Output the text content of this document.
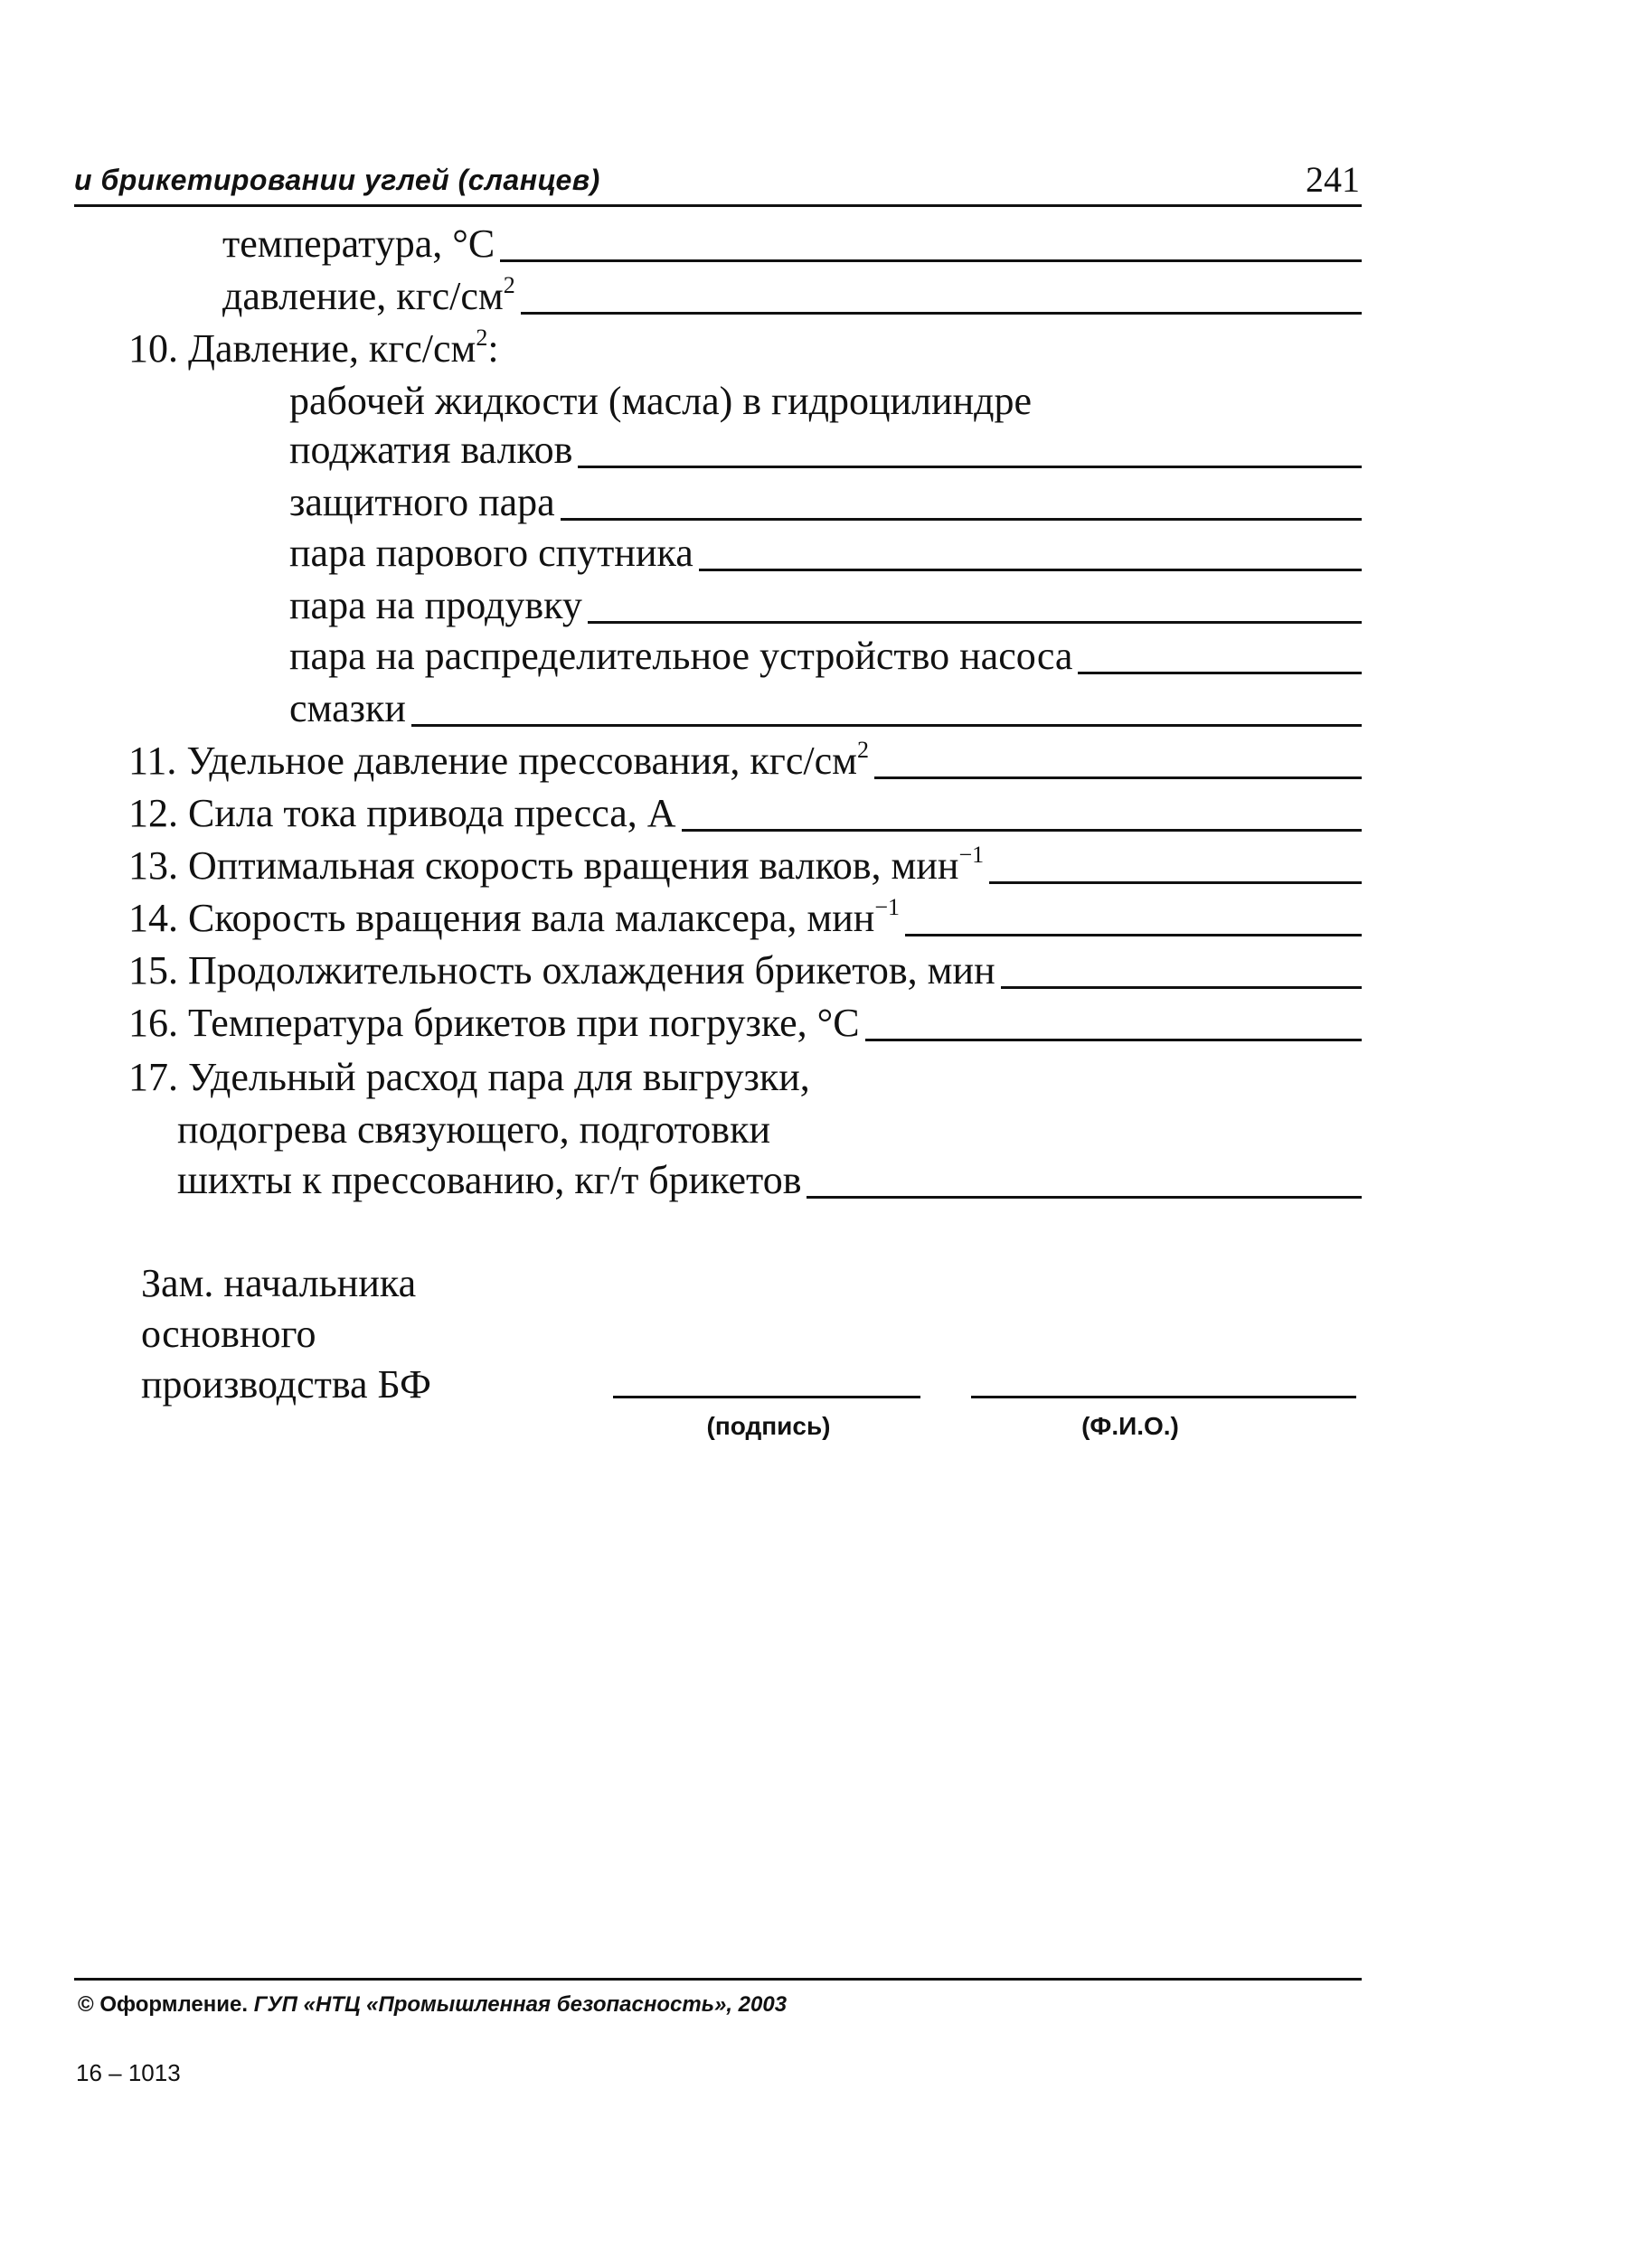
и брикетировании углей (сланцев)	241
температура, °С
давление, кгс/$см^2$
10. Давление, кгс/$см^2$:
рабочей жидкости (масла) в гидроцилиндре
поджатия валков
защитного пара
пара парового спутника
пара на продувку
пара на распределительное устройство насоса
смазки
11. Удельное давление прессования, кгс/$см^2$
12. Сила тока привода пресса, А
13. Оптимальная скорость вращения валков, мин$^{-1}$
14. Скорость вращения вала малаксера, мин$^{-1}$
15. Продолжительность охлаждения брикетов, мин
16. Температура брикетов при погрузке, °С
17. Удельный расход пара для выгрузки,
подогрева связующего, подготовки
шихты к прессованию, кг/т брикетов
Зам. начальника
основного
производства БФ
(подпись)	(Ф.И.О.)
© Оформление. ГУП «НТЦ «Промышленная безопасность», 2003
16 – 1013
